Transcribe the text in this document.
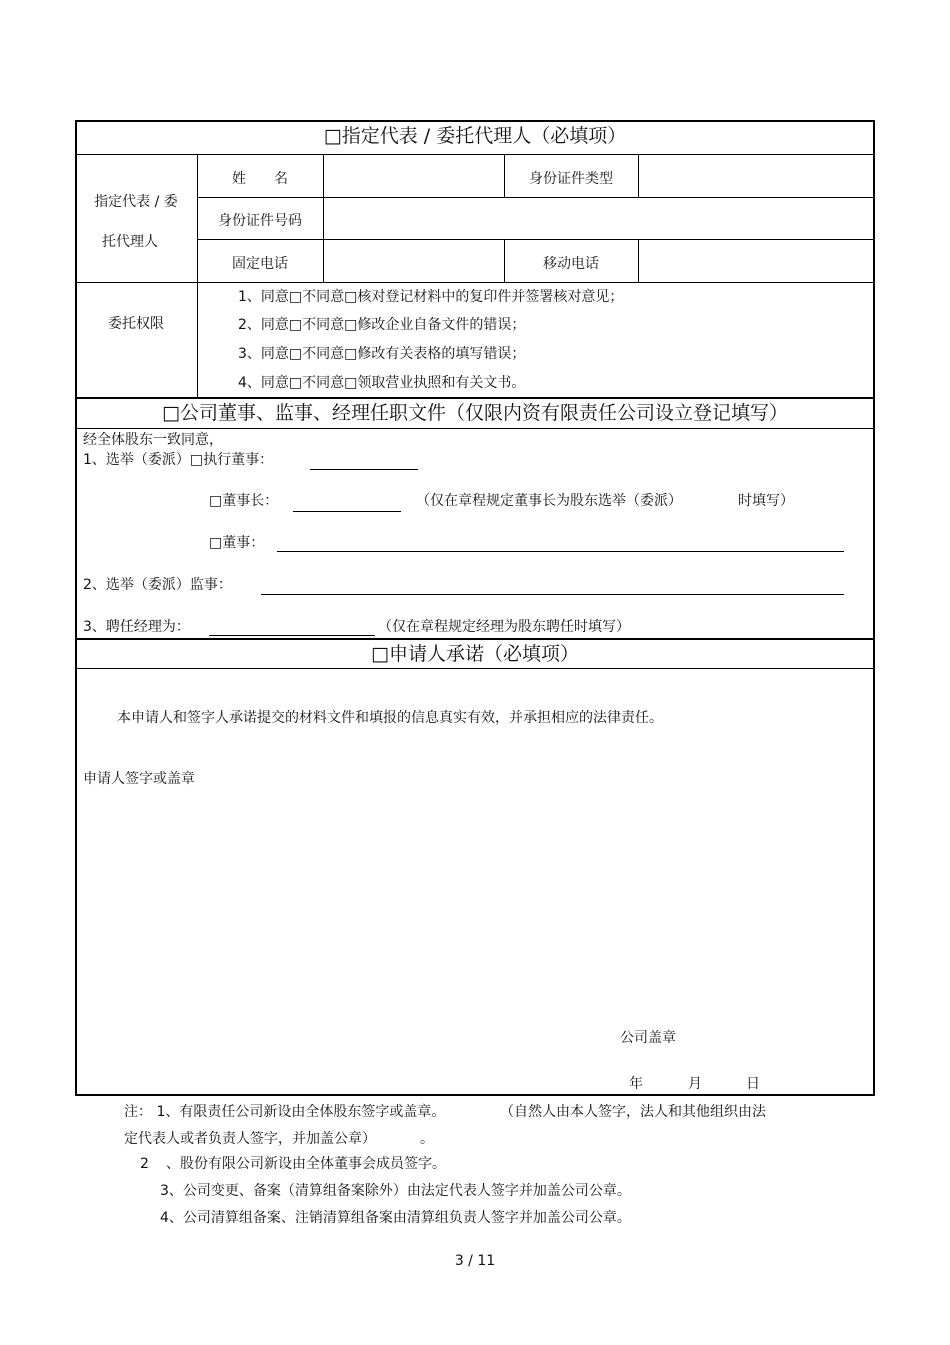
□指定代表 / 委托代理人（必填项）
指定代表 / 委
托代理人
姓　　名	身份证件类型
身份证件号码
固定电话	移动电话
委托权限
1、同意□不同意□核对登记材料中的复印件并签署核对意见；
2、同意□不同意□修改企业自备文件的错误；
3、同意□不同意□修改有关表格的填写错误；
4、同意□不同意□领取营业执照和有关文书。
□公司董事、监事、经理任职文件（仅限内资有限责任公司设立登记填写）
经全体股东一致同意，
1、选举（委派）□执行董事：
□董事长：	（仅在章程规定董事长为股东选举（委派）	时填写）
□董事：
2、选举（委派）监事：
3、聘任经理为：	（仅在章程规定经理为股东聘任时填写）
□申请人承诺（必填项）
本申请人和签字人承诺提交的材料文件和填报的信息真实有效，并承担相应的法律责任。
申请人签字或盖章
公司盖章
年	月	日
注： 1、有限责任公司新设由全体股东签字或盖章。	（自然人由本人签字，法人和其他组织由法
定代表人或者负责人签字，并加盖公章）	。
2 、股份有限公司新设由全体董事会成员签字。
3、公司变更、备案（清算组备案除外）由法定代表人签字并加盖公司公章。
4、公司清算组备案、注销清算组备案由清算组负责人签字并加盖公司公章。
3 / 11
